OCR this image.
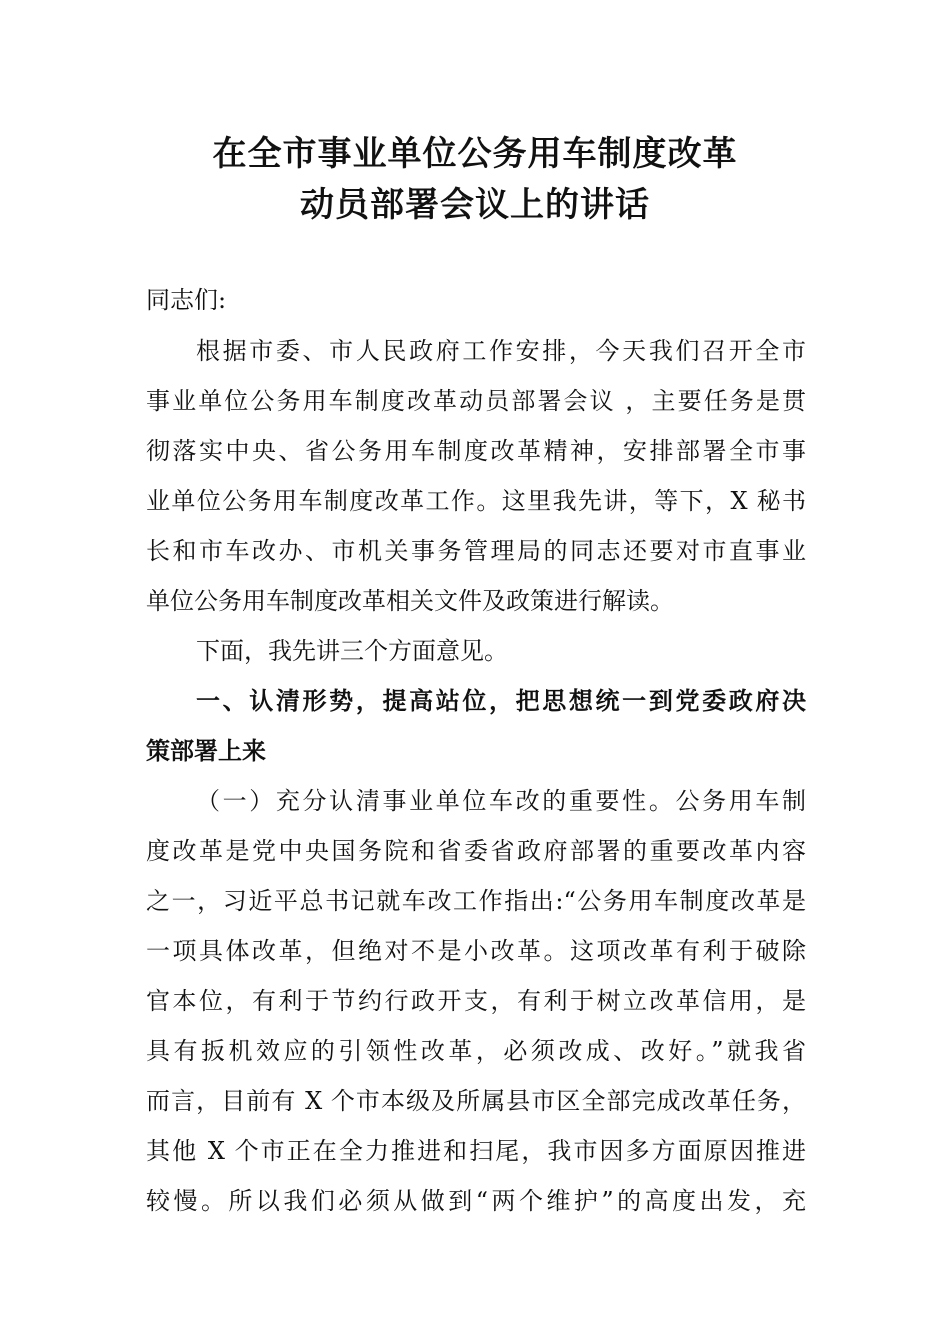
在全市事业单位公务用车制度改革
动员部署会议上的讲话
同志们:
根据市委、市人民政府工作安排，今天我们召开全市
事业单位公务用车制度改革动员部署会议 ，主要任务是贯
彻落实中央、省公务用车制度改革精神，安排部署全市事
业单位公务用车制度改革工作。这里我先讲，等下，X 秘书
长和市车改办、市机关事务管理局的同志还要对市直事业
单位公务用车制度改革相关文件及政策进行解读。
下面，我先讲三个方面意见。
一、认清形势，提高站位，把思想统一到党委政府决
策部署上来
（一）充分认清事业单位车改的重要性。公务用车制
度改革是党中央国务院和省委省政府部署的重要改革内容
之一，习近平总书记就车改工作指出:“公务用车制度改革是
一项具体改革，但绝对不是小改革。这项改革有利于破除
官本位，有利于节约行政开支，有利于树立改革信用，是
具有扳机效应的引领性改革，必须改成、改好。”就我省
而言，目前有 X 个市本级及所属县市区全部完成改革任务，
其他 X 个市正在全力推进和扫尾，我市因多方面原因推进
较慢。所以我们必须从做到“两个维护”的高度出发，充
